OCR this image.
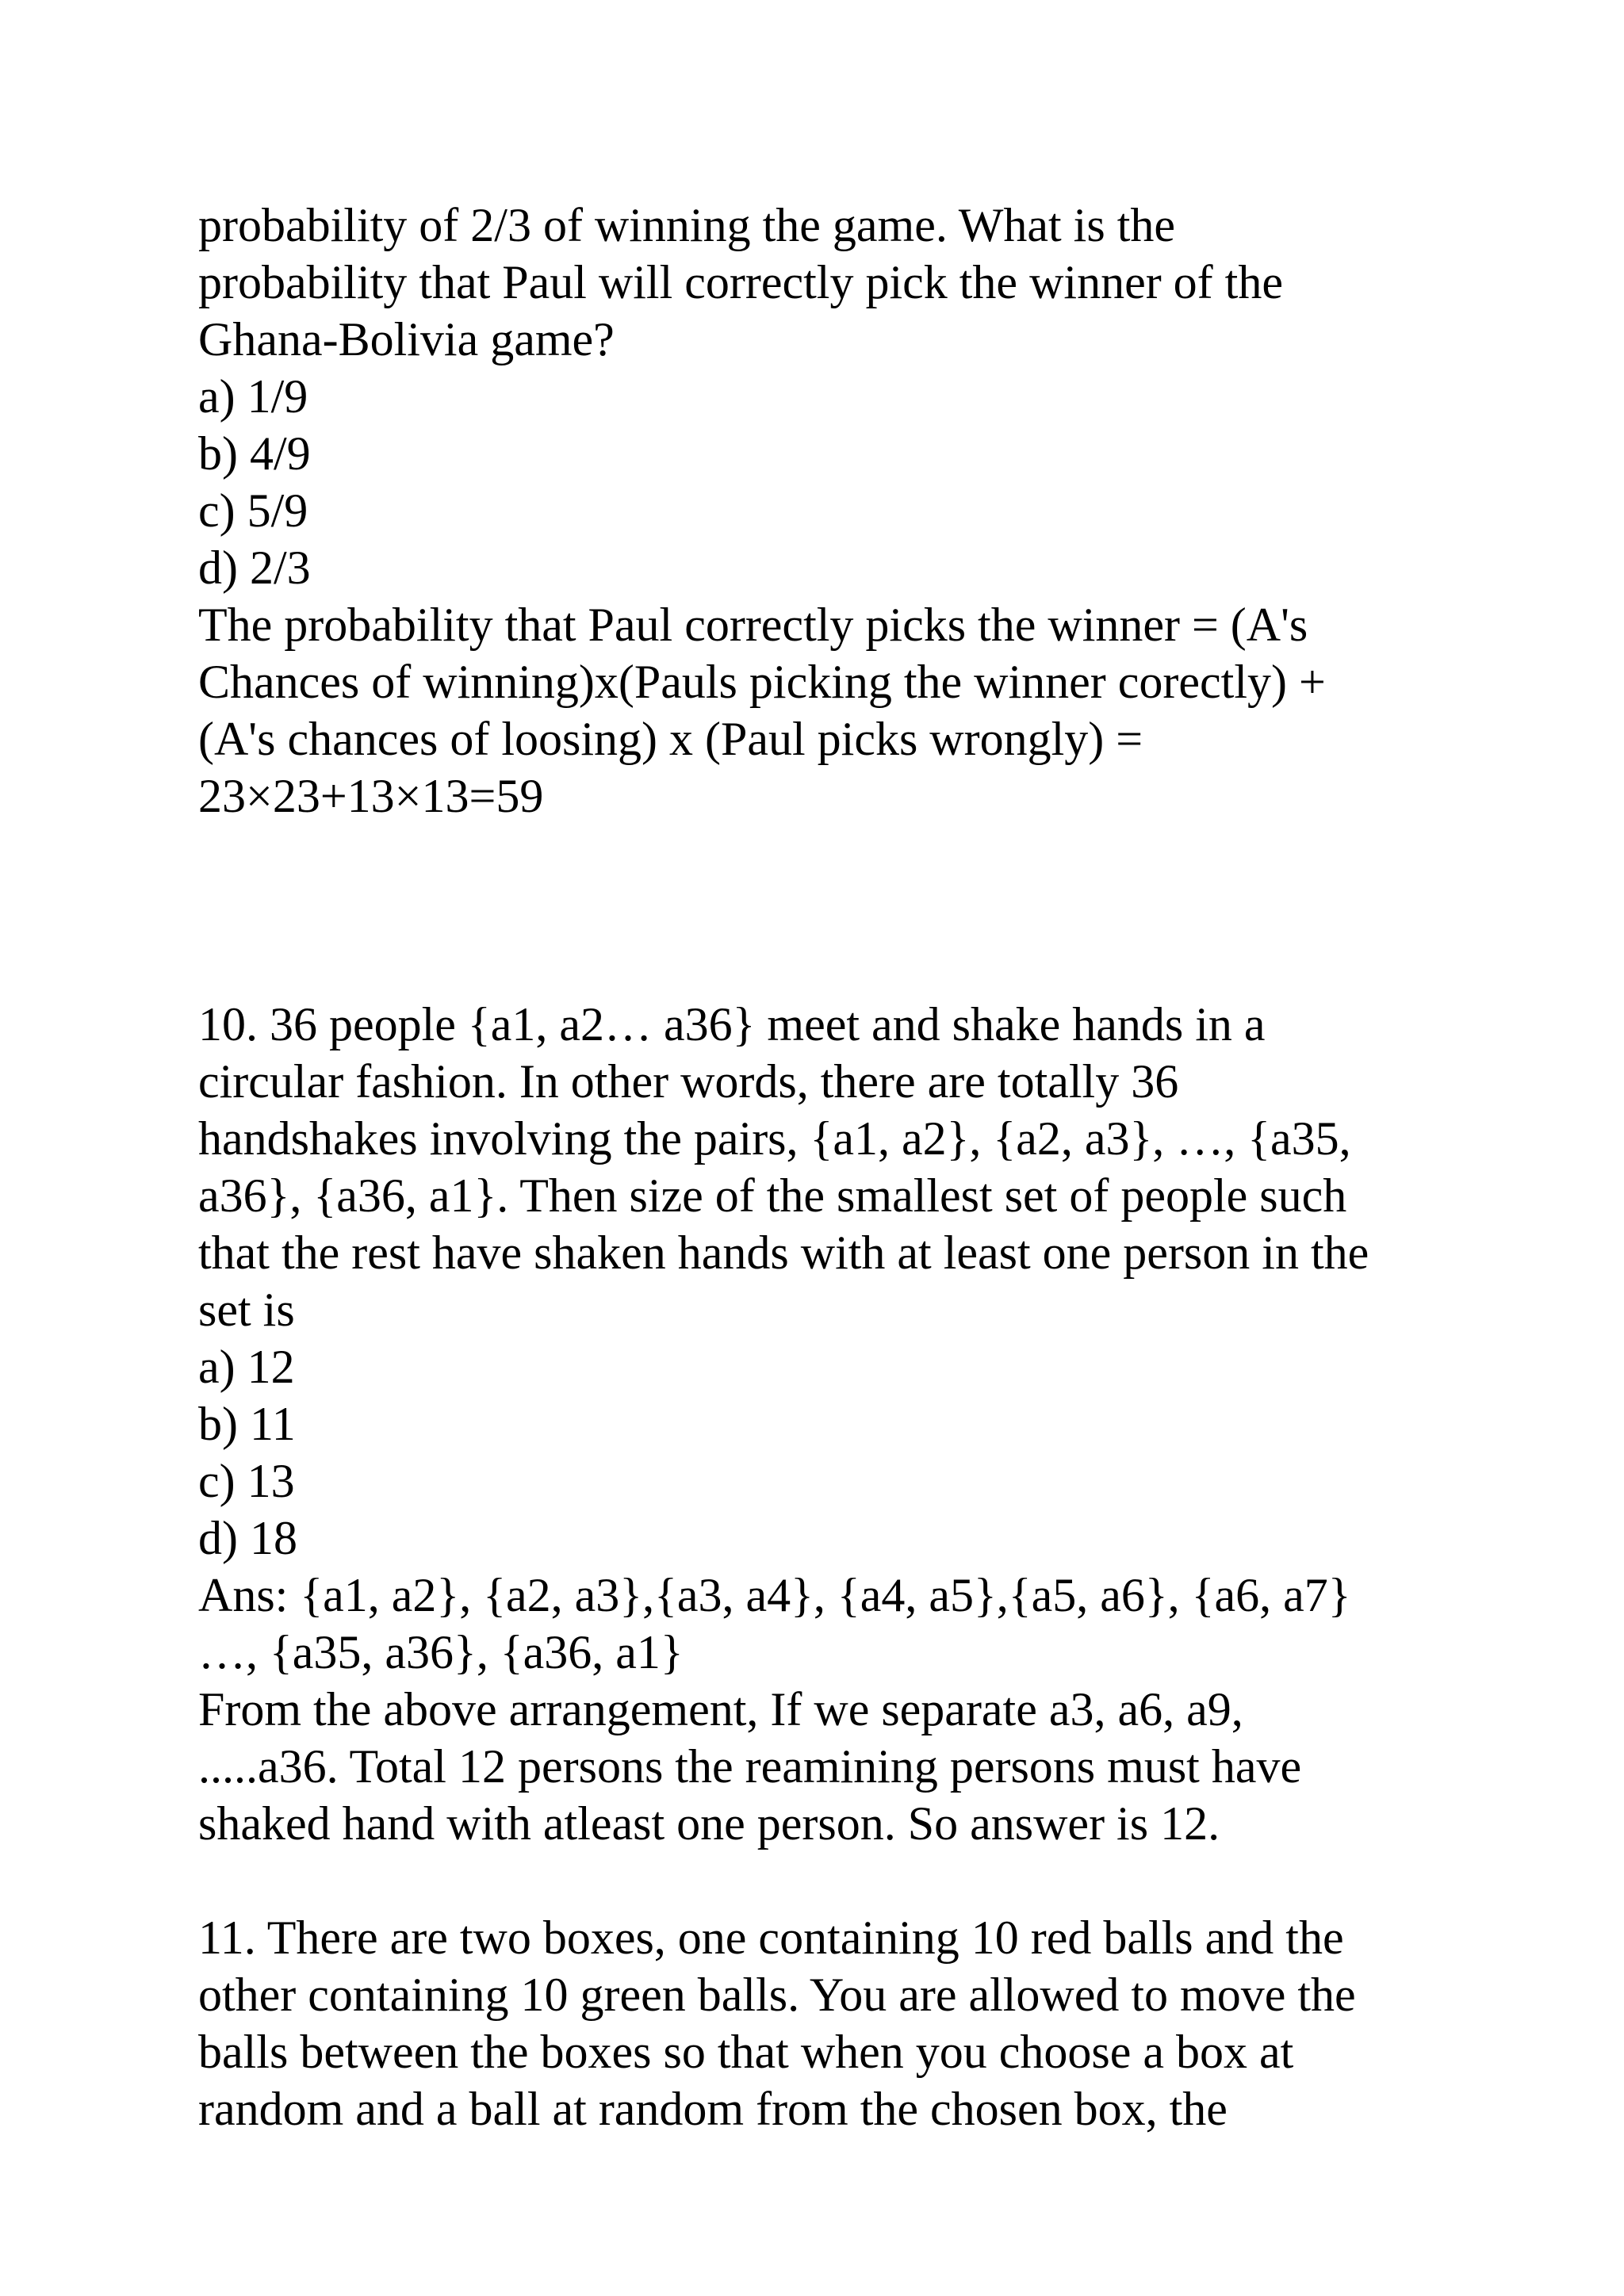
probability of 2/3 of winning the game. What is the
probability that Paul will correctly pick the winner of the
Ghana-Bolivia game?
a) 1/9
b) 4/9
c) 5/9
d) 2/3
The probability that Paul correctly picks the winner = (A's
Chances of winning)x(Pauls picking the winner corectly) +
(A's chances of loosing) x (Paul picks wrongly) =
23×23+13×13=59
10. 36 people {a1, a2… a36} meet and shake hands in a
circular fashion. In other words, there are totally 36
handshakes involving the pairs, {a1, a2}, {a2, a3}, …, {a35,
a36}, {a36, a1}. Then size of the smallest set of people such
that the rest have shaken hands with at least one person in the
set is
a) 12
b) 11
c) 13
d) 18
Ans: {a1, a2}, {a2, a3},{a3, a4}, {a4, a5},{a5, a6}, {a6, a7}
…, {a35, a36}, {a36, a1}
From the above arrangement, If we separate a3, a6, a9,
.....a36. Total 12 persons the reamining persons must have
shaked hand with atleast one person. So answer is 12.
11. There are two boxes, one containing 10 red balls and the
other containing 10 green balls. You are allowed to move the
balls between the boxes so that when you choose a box at
random and a ball at random from the chosen box, the
